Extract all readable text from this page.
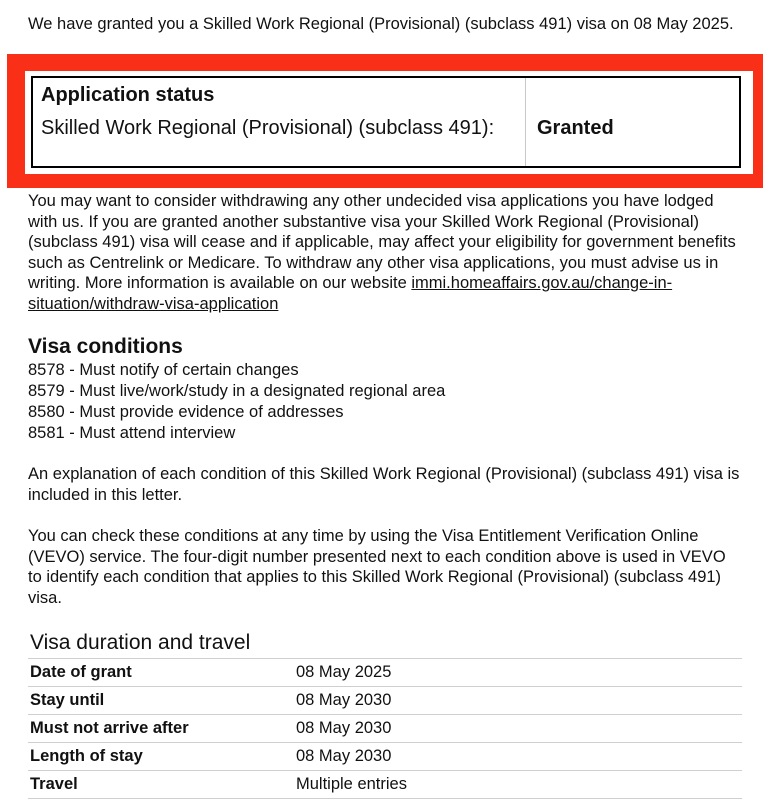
We have granted you a Skilled Work Regional (Provisional) (subclass 491) visa on 08 May 2025.

Application status

Skilled Work Regional (Provisional) (subclass 491):	Granted

You may want to consider withdrawing any other undecided visa applications you have lodged with us. If you are granted another substantive visa your Skilled Work Regional (Provisional) (subclass 491) visa will cease and if applicable, may affect your eligibility for government benefits such as Centrelink or Medicare. To withdraw any other visa applications, you must advise us in writing. More information is available on our website immi.homeaffairs.gov.au/change-in-situation/withdraw-visa-application

Visa conditions
8578 - Must notify of certain changes
8579 - Must live/work/study in a designated regional area
8580 - Must provide evidence of addresses
8581 - Must attend interview

An explanation of each condition of this Skilled Work Regional (Provisional) (subclass 491) visa is included in this letter.

You can check these conditions at any time by using the Visa Entitlement Verification Online (VEVO) service. The four-digit number presented next to each condition above is used in VEVO to identify each condition that applies to this Skilled Work Regional (Provisional) (subclass 491) visa.

Visa duration and travel
Date of grant	08 May 2025
Stay until	08 May 2030
Must not arrive after	08 May 2030
Length of stay	08 May 2030
Travel	Multiple entries
